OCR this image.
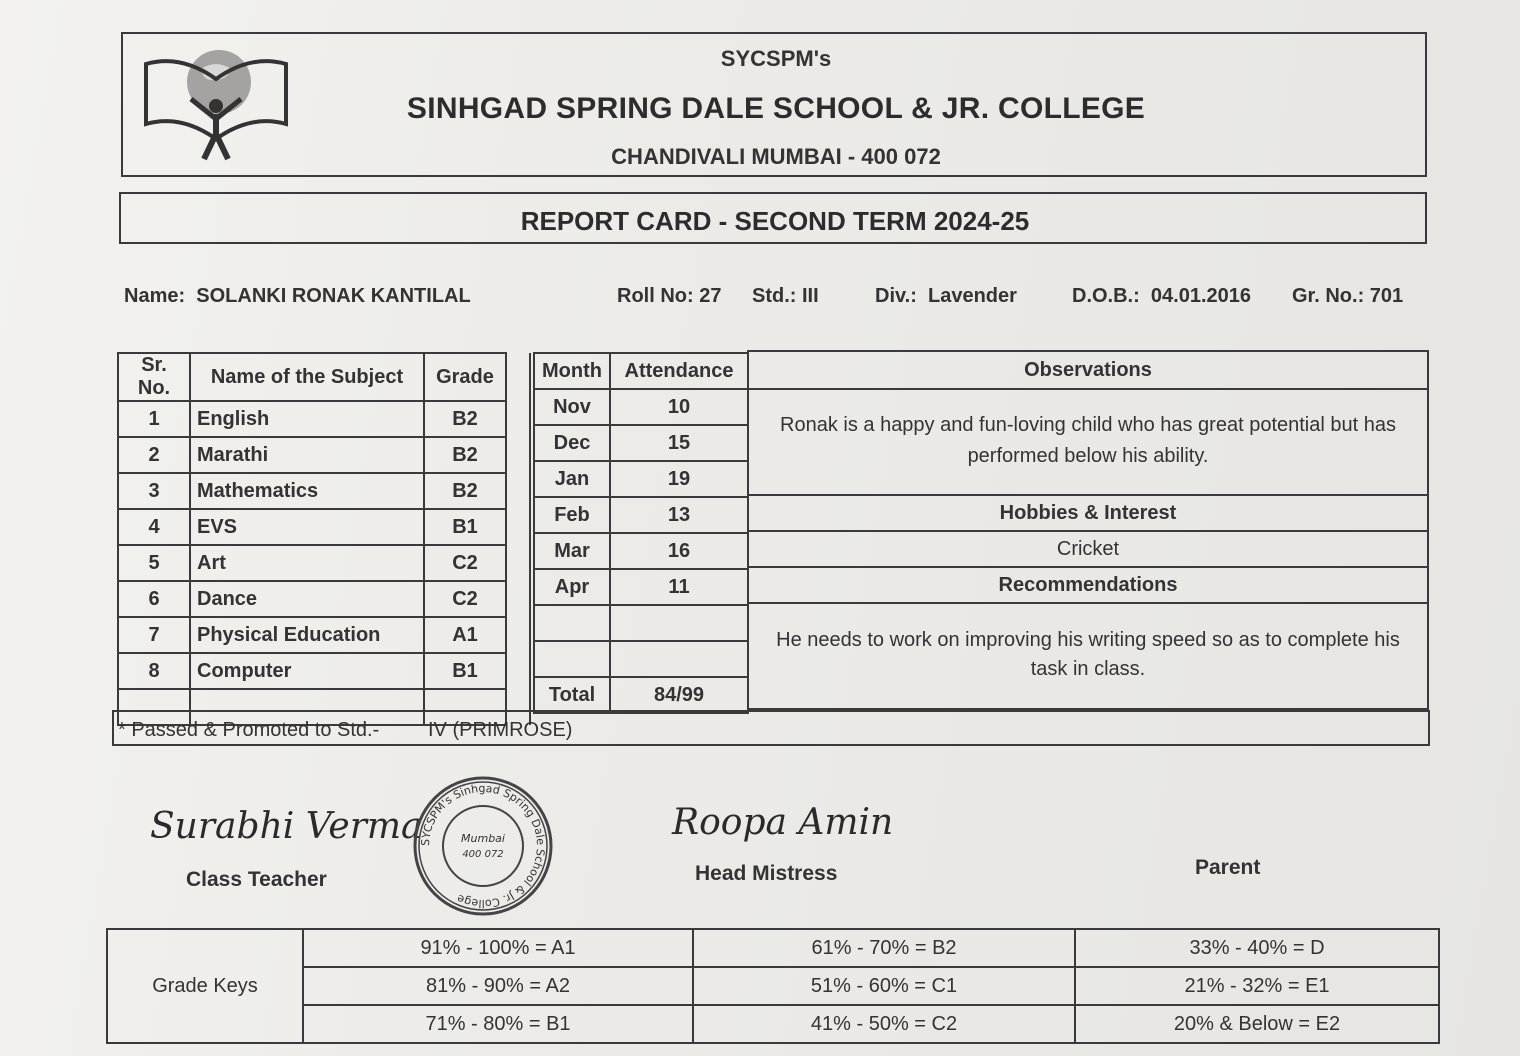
SYCSPM's
SINHGAD SPRING DALE SCHOOL & JR. COLLEGE
CHANDIVALI MUMBAI - 400 072
REPORT CARD - SECOND TERM 2024-25
Name: SOLANKI RONAK KANTILAL	Roll No: 27 Std.: III	Div.: Lavender	D.O.B.: 04.01.2016 Gr. No.: 701
Sr. No.	Name of the Subject	Grade	
1	English	B2	
2	Marathi	B2	
3	Mathematics	B2	
4	EVS	B1	
5	Art	C2	
6	Dance	C2	
7	Physical Education	A1	
8	Computer	B1	

Month	Attendance
Nov	10
Dec	15
Jan	19
Feb	13
Mar	16
Apr	11

Total	84/99
Observations
Ronak is a happy and fun-loving child who has great potential but has performed below his ability.
Hobbies & Interest
Cricket
Recommendations
He needs to work on improving his writing speed so as to complete his task in class.
* Passed & Promoted to Std.- IV (PRIMROSE)
Surabhi Verma
Class Teacher
SYCSPM's Sinhgad Spring Dale School & Jr. College
Mumbai
400 072
Roopa Amin
Head Mistress	Parent
Grade Keys	91% - 100% = A1	61% - 70% = B2	33% - 40% = D
	81% - 90% = A2	51% - 60% = C1	21% - 32% = E1
	71% - 80% = B1	41% - 50% = C2	20% & Below = E2
